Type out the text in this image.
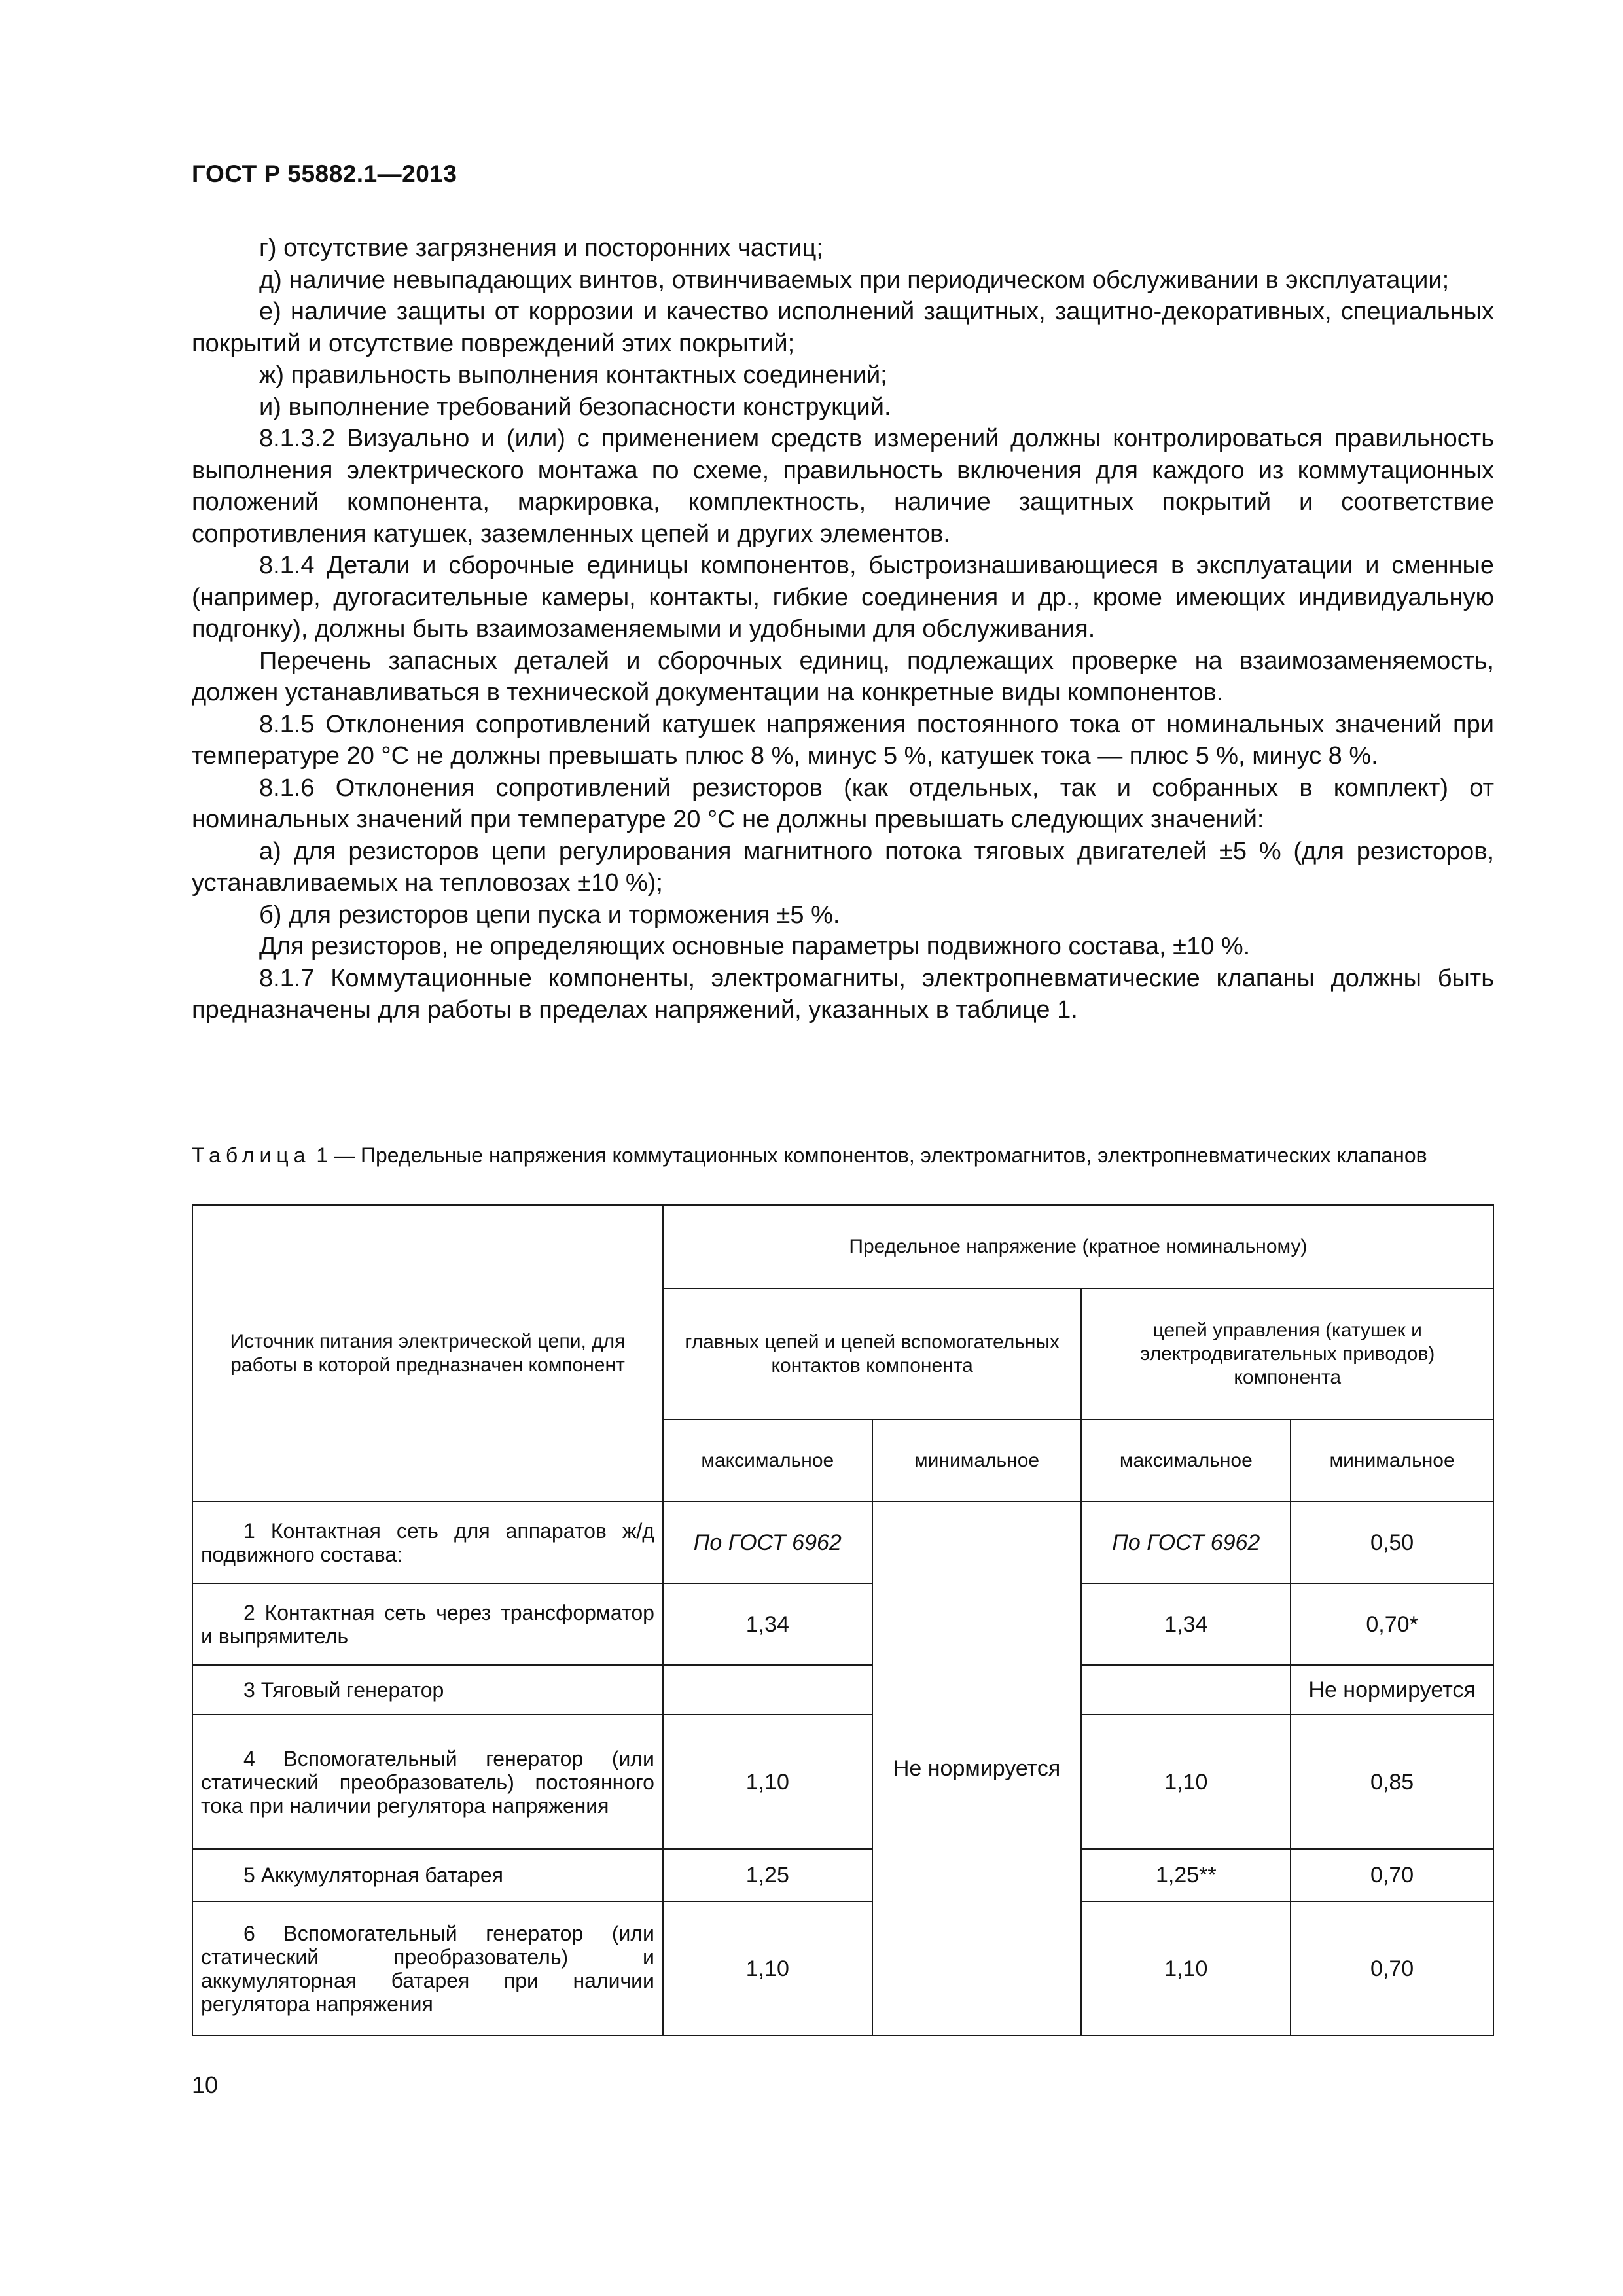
ГОСТ Р 55882.1—2013

г) отсутствие загрязнения и посторонних частиц;

д) наличие невыпадающих винтов, отвинчиваемых при периодическом обслуживании в эксплуатации;

е) наличие защиты от коррозии и качество исполнений защитных, защитно-декоративных, специальных покрытий и отсутствие повреждений этих покрытий;

ж) правильность выполнения контактных соединений;

и) выполнение требований безопасности конструкций.

8.1.3.2 Визуально и (или) с применением средств измерений должны контролироваться правильность выполнения электрического монтажа по схеме, правильность включения для каждого из коммутационных положений компонента, маркировка, комплектность, наличие защитных покрытий и соответствие сопротивления катушек, заземленных цепей и других элементов.

8.1.4 Детали и сборочные единицы компонентов, быстроизнашивающиеся в эксплуатации и сменные (например, дугогасительные камеры, контакты, гибкие соединения и др., кроме имеющих индивидуальную подгонку), должны быть взаимозаменяемыми и удобными для обслуживания.

Перечень запасных деталей и сборочных единиц, подлежащих проверке на взаимозаменяемость, должен устанавливаться в технической документации на конкретные виды компонентов.

8.1.5 Отклонения сопротивлений катушек напряжения постоянного тока от номинальных значений при температуре 20 °С не должны превышать плюс 8 %, минус 5 %, катушек тока — плюс 5 %, минус 8 %.

8.1.6 Отклонения сопротивлений резисторов (как отдельных, так и собранных в комплект) от номинальных значений при температуре 20 °С не должны превышать следующих значений:

а) для резисторов цепи регулирования магнитного потока тяговых двигателей ±5 % (для резисторов, устанавливаемых на тепловозах ±10 %);

б) для резисторов цепи пуска и торможения ±5 %.

Для резисторов, не определяющих основные параметры подвижного состава, ±10 %.

8.1.7 Коммутационные компоненты, электромагниты, электропневматические клапаны должны быть предназначены для работы в пределах напряжений, указанных в таблице 1.

Таблица 1 — Предельные напряжения коммутационных компонентов, электромагнитов, электропневматических клапанов
Источник питания электрической цепи, для работы в которой предназначен компонент	Предельное напряжение (кратное номинальному)			
	главных цепей и цепей вспомогательных контактов компонента		цепей управления (катушек и электродвигательных приводов) компонента	
	максимальное	минимальное	максимальное	минимальное
1 Контактная сеть для аппаратов ж/д подвижного состава:	По ГОСТ 6962	Не нормируется	По ГОСТ 6962	0,50
2 Контактная сеть через трансформатор и выпрямитель	1,34		1,34	0,70*
3 Тяговый генератор				Не нормируется
4 Вспомогательный генератор (или статический преобразователь) постоянного тока при наличии регулятора напряжения	1,10		1,10	0,85
5 Аккумуляторная батарея	1,25		1,25**	0,70
6 Вспомогательный генератор (или статический преобразователь) и аккумуляторная батарея при наличии регулятора напряжения	1,10		1,10	0,70
10
